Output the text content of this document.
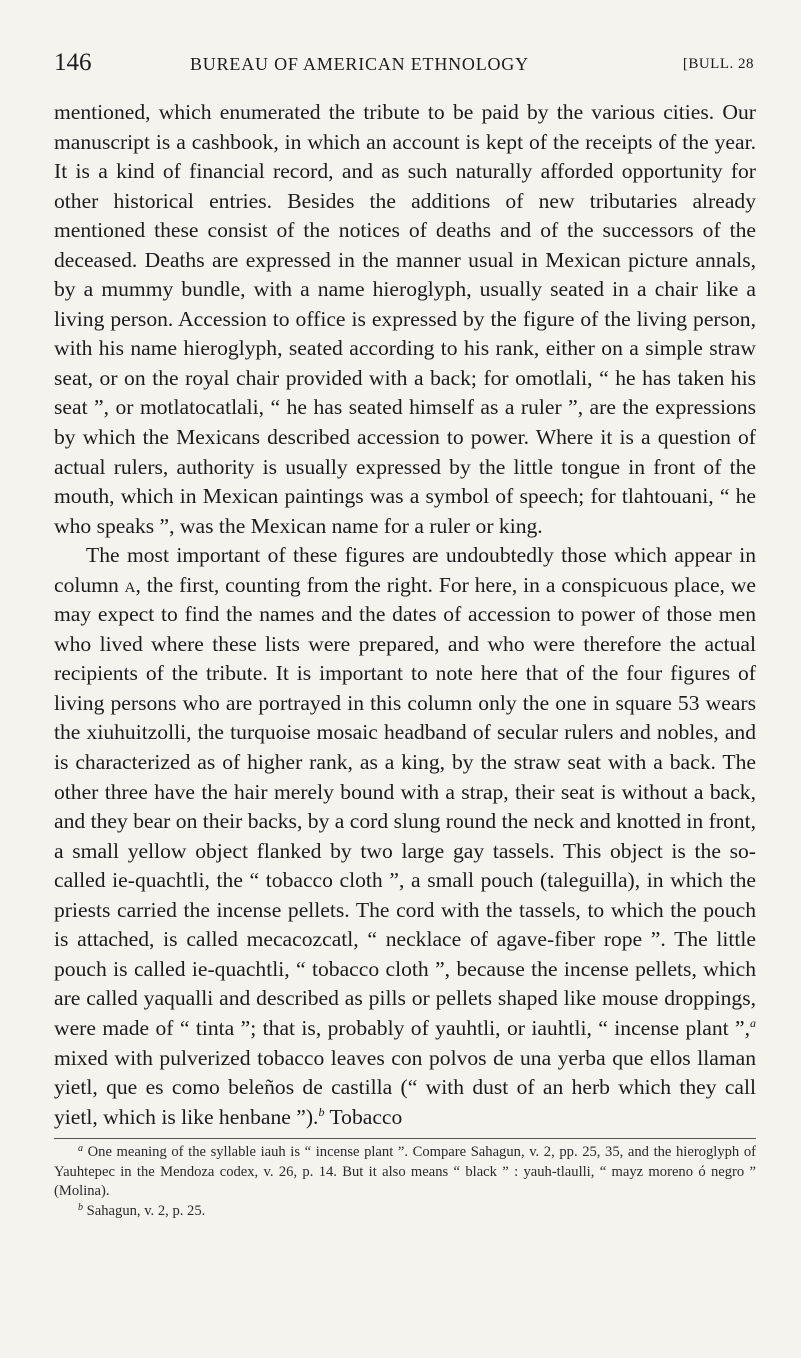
146	BUREAU OF AMERICAN ETHNOLOGY	[BULL. 28

mentioned, which enumerated the tribute to be paid by the various cities. Our manuscript is a cashbook, in which an account is kept of the receipts of the year. It is a kind of financial record, and as such naturally afforded opportunity for other historical entries. Besides the additions of new tributaries already mentioned these consist of the notices of deaths and of the successors of the deceased. Deaths are expressed in the manner usual in Mexican picture annals, by a mummy bundle, with a name hieroglyph, usually seated in a chair like a living person. Accession to office is expressed by the figure of the living person, with his name hieroglyph, seated according to his rank, either on a simple straw seat, or on the royal chair provided with a back; for omotlali, “ he has taken his seat ”, or motlatocatlali, “ he has seated himself as a ruler ”, are the expressions by which the Mexicans described accession to power. Where it is a question of actual rulers, authority is usually expressed by the little tongue in front of the mouth, which in Mexican paintings was a symbol of speech; for tlahtouani, “ he who speaks ”, was the Mexican name for a ruler or king.

The most important of these figures are undoubtedly those which appear in column a, the first, counting from the right. For here, in a conspicuous place, we may expect to find the names and the dates of accession to power of those men who lived where these lists were prepared, and who were therefore the actual recipients of the tribute. It is important to note here that of the four figures of living persons who are portrayed in this column only the one in square 53 wears the xiuhuitzolli, the turquoise mosaic headband of secular rulers and nobles, and is characterized as of higher rank, as a king, by the straw seat with a back. The other three have the hair merely bound with a strap, their seat is without a back, and they bear on their backs, by a cord slung round the neck and knotted in front, a small yellow object flanked by two large gay tassels. This object is the so-called ie-quachtli, the “ tobacco cloth ”, a small pouch (taleguilla), in which the priests carried the incense pellets. The cord with the tassels, to which the pouch is attached, is called mecacozcatl, “ necklace of agave-fiber rope ”. The little pouch is called ie-quachtli, “ tobacco cloth ”, because the incense pellets, which are called yaqualli and described as pills or pellets shaped like mouse droppings, were made of “ tinta ”; that is, probably of yauhtli, or iauhtli, “ incense plant ”,$^a$ mixed with pulverized tobacco leaves con polvos de una yerba que ellos llaman yietl, que es como beleños de castilla (“ with dust of an herb which they call yietl, which is like henbane ”).$^b$ Tobacco

$^a$ One meaning of the syllable iauh is “ incense plant ”. Compare Sahagun, v. 2, pp. 25, 35, and the hieroglyph of Yauhtepec in the Mendoza codex, v. 26, p. 14. But it also means “ black ” : yauh-tlaulli, “ mayz moreno ó negro ” (Molina).

$^b$ Sahagun, v. 2, p. 25.
